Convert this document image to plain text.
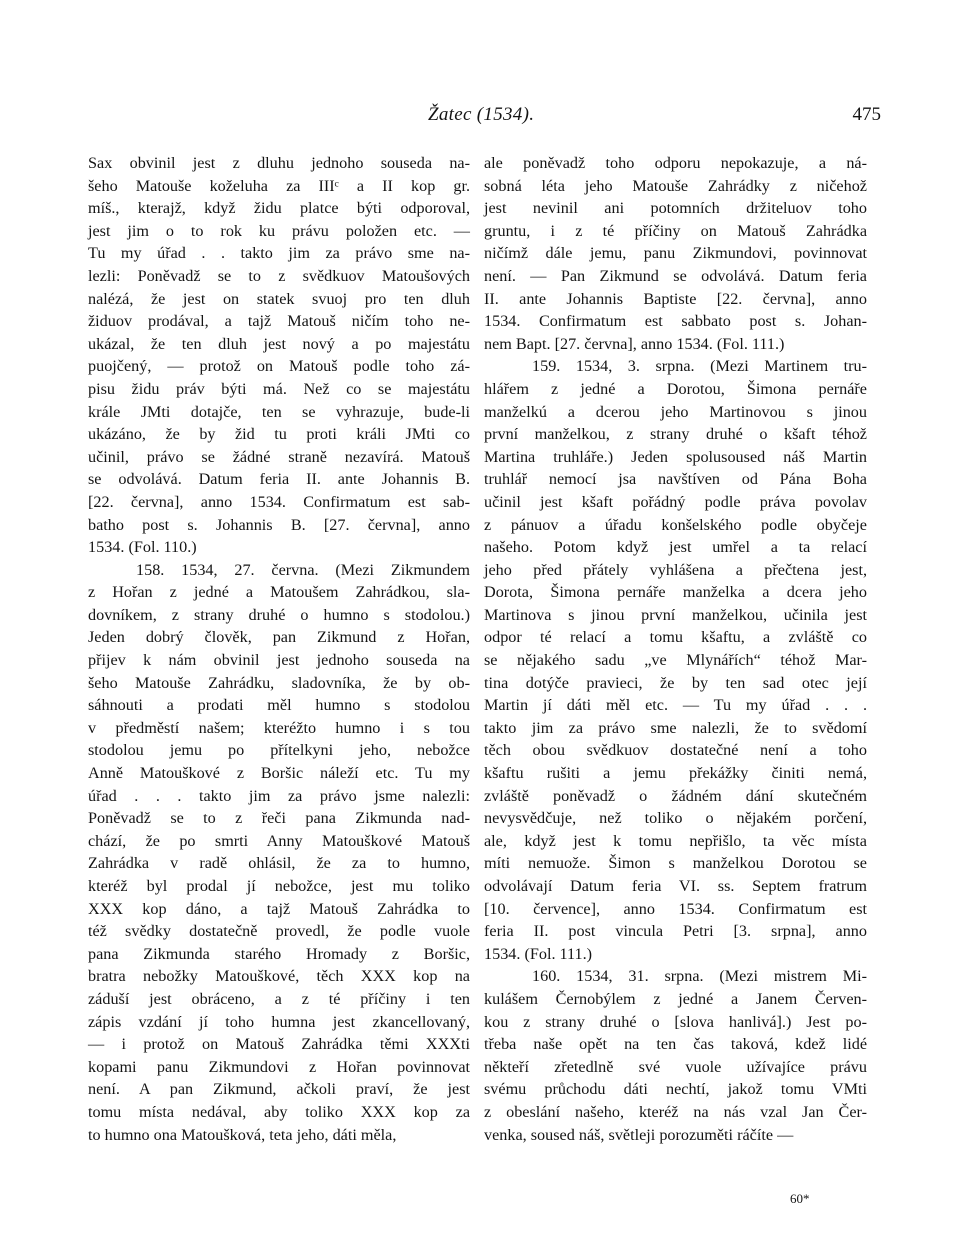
Žatec (1534).	475
Sax obvinil jest z dluhu jednoho souseda na-
šeho Matouše koželuha za IIIᶜ a II kop gr.
míš., kterajž, když židu platce býti odporoval,
jest jim o to rok ku právu položen etc. —
Tu my úřad . . takto jim za právo sme na-
lezli: Poněvadž se to z svědkuov Matoušových
nalézá, že jest on statek svuoj pro ten dluh
židuov prodával, a tajž Matouš ničím toho ne-
ukázal, že ten dluh jest nový a po majestátu
puojčený, — protož on Matouš podle toho zá-
pisu židu práv býti má. Než co se majestátu
krále JMti dotajče, ten se vyhrazuje, bude-li
ukázáno, že by žid tu proti králi JMti co
učinil, právo se žádné straně nezavírá. Matouš
se odvolává. Datum feria II. ante Johannis B.
[22. června], anno 1534. Confirmatum est sab-
batho post s. Johannis B. [27. června], anno
1534. (Fol. 110.)
158. 1534, 27. června. (Mezi Zikmundem
z Hořan z jedné a Matoušem Zahrádkou, sla-
dovníkem, z strany druhé o humno s stodolou.)
Jeden dobrý člověk, pan Zikmund z Hořan,
přijev k nám obvinil jest jednoho souseda na
šeho Matouše Zahrádku, sladovníka, že by ob-
sáhnouti a prodati měl humno s stodolou
v předměstí našem; kteréžto humno i s tou
stodolou jemu po přítelkyni jeho, nebožce
Anně Matouškové z Boršic náleží etc. Tu my
úřad . . . takto jim za právo jsme nalezli:
Poněvadž se to z řeči pana Zikmunda nad-
chází, že po smrti Anny Matouškové Matouš
Zahrádka v radě ohlásil, že za to humno,
kteréž byl prodal jí nebožce, jest mu toliko
XXX kop dáno, a tajž Matouš Zahrádka to
též svědky dostatečně provedl, že podle vuole
pana Zikmunda starého Hromady z Boršic,
bratra nebožky Matouškové, těch XXX kop na
záduší jest obráceno, a z té příčiny i ten
zápis vzdání jí toho humna jest zkancellovaný,
— i protož on Matouš Zahrádka těmi XXXti
kopami panu Zikmundovi z Hořan povinnovat
není. A pan Zikmund, ačkoli praví, že jest
tomu místa nedával, aby toliko XXX kop za
to humno ona Matoušková, teta jeho, dáti měla,
ale poněvadž toho odporu nepokazuje, a ná-
sobná léta jeho Matouše Zahrádky z ničehož
jest nevinil ani potomních držiteluov toho
gruntu, i z té příčiny on Matouš Zahrádka
ničímž dále jemu, panu Zikmundovi, povinnovat
není. — Pan Zikmund se odvolává. Datum feria
II. ante Johannis Baptiste [22. června], anno
1534. Confirmatum est sabbato post s. Johan-
nem Bapt. [27. června], anno 1534. (Fol. 111.)
159. 1534, 3. srpna. (Mezi Martinem tru-
hlářem z jedné a Dorotou, Šimona pernáře
manželkú a dcerou jeho Martinovou s jinou
první manželkou, z strany druhé o kšaft téhož
Martina truhláře.) Jeden spolusoused náš Martin
truhlář nemocí jsa navštíven od Pána Boha
učinil jest kšaft pořádný podle práva povolav
z pánuov a úřadu konšelského podle obyčeje
našeho. Potom když jest umřel a ta relací
jeho před přátely vyhlášena a přečtena jest,
Dorota, Šimona pernáře manželka a dcera jeho
Martinova s jinou první manželkou, učinila jest
odpor té relací a tomu kšaftu, a zvláště co
se nějakého sadu „ve Mlynářích“ téhož Mar-
tina dotýče pravieci, že by ten sad otec její
Martin jí dáti měl etc. — Tu my úřad . . .
takto jim za právo sme nalezli, že to svědomí
těch obou svědkuov dostatečné není a toho
kšaftu rušiti a jemu překážky činiti nemá,
zvláště poněvadž o žádném dání skutečném
nevysvědčuje, než toliko o nějakém porčení,
ale, když jest k tomu nepřišlo, ta věc místa
míti nemuože. Šimon s manželkou Dorotou se
odvolávají Datum feria VI. ss. Septem fratrum
[10. července], anno 1534. Confirmatum est
feria II. post vincula Petri [3. srpna], anno
1534. (Fol. 111.)
160. 1534, 31. srpna. (Mezi mistrem Mi-
kulášem Černobýlem z jedné a Janem Červen-
kou z strany druhé o [slova hanlivá].) Jest po-
třeba naše opět na ten čas taková, kdež lidé
někteří zřetedlně své vuole užívajíce právu
svému průchodu dáti nechtí, jakož tomu VMti
z obeslání našeho, kteréž na nás vzal Jan Čer-
venka, soused náš, světleji porozuměti ráčíte —
60*
